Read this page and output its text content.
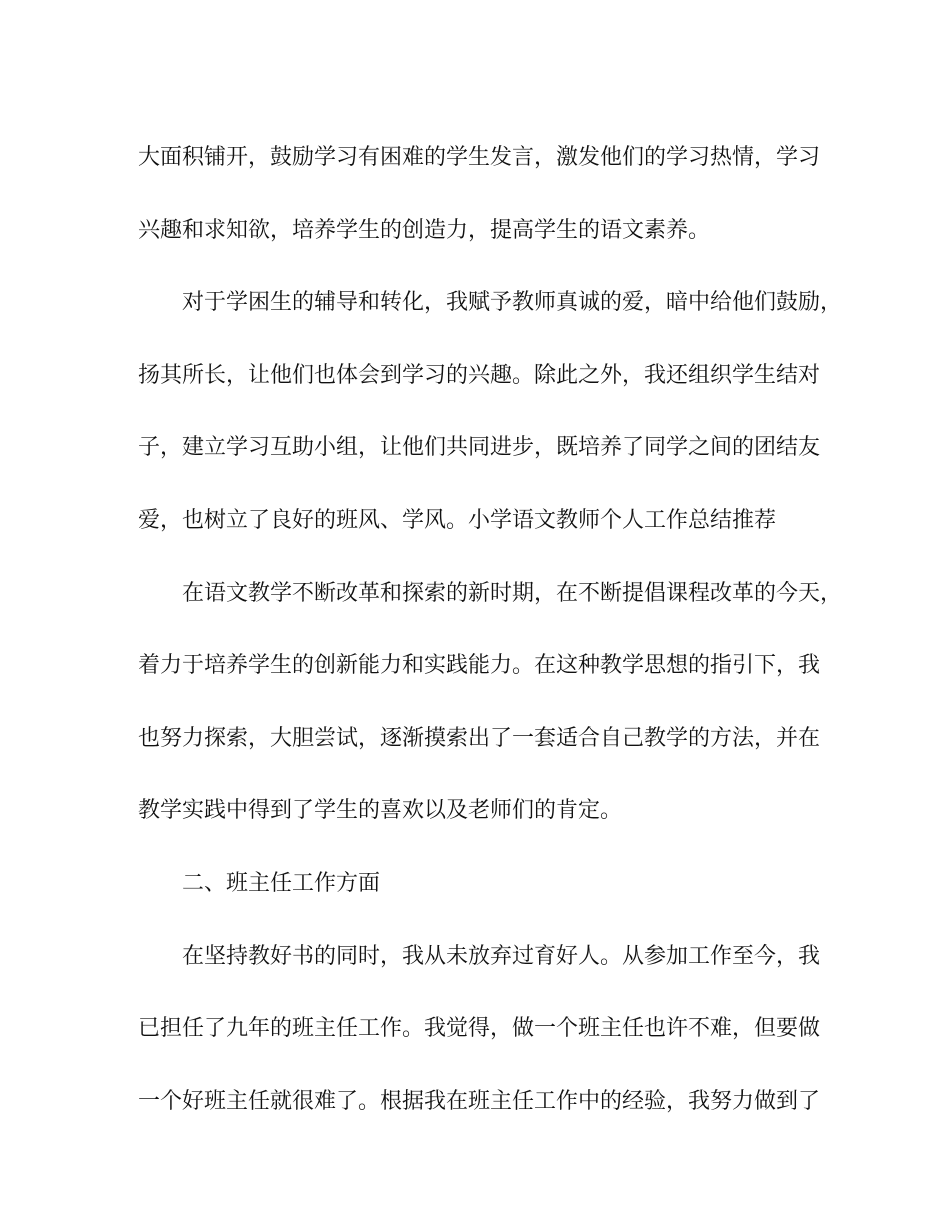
大面积铺开，鼓励学习有困难的学生发言，激发他们的学习热情，学习
兴趣和求知欲，培养学生的创造力，提高学生的语文素养。
对于学困生的辅导和转化，我赋予教师真诚的爱，暗中给他们鼓励，
扬其所长，让他们也体会到学习的兴趣。除此之外，我还组织学生结对
子，建立学习互助小组，让他们共同进步，既培养了同学之间的团结友
爱，也树立了良好的班风、学风。小学语文教师个人工作总结推荐
在语文教学不断改革和探索的新时期，在不断提倡课程改革的今天，
着力于培养学生的创新能力和实践能力。在这种教学思想的指引下，我
也努力探索，大胆尝试，逐渐摸索出了一套适合自己教学的方法，并在
教学实践中得到了学生的喜欢以及老师们的肯定。
二、班主任工作方面
在坚持教好书的同时，我从未放弃过育好人。从参加工作至今，我
已担任了九年的班主任工作。我觉得，做一个班主任也许不难，但要做
一个好班主任就很难了。根据我在班主任工作中的经验，我努力做到了
